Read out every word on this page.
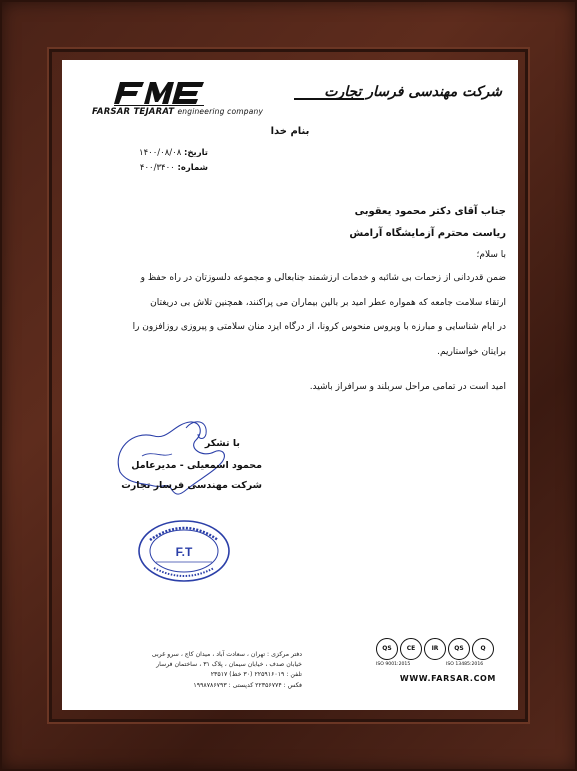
FARSAR TEJARAT engineering company
شرکت مهندسی فرسار تجارت
بنام خدا
تاریخ: ۱۴۰۰/۰۸/۰۸
شماره: ۴۰۰/۳۴۰۰
جناب آقای دکتر محمود یعقوبی
ریاست محترم آزمایشگاه آرامش
با سلام؛

ضمن قدردانی از زحمات بی شائبه و خدمات ارزشمند جنابعالی و مجموعه دلسوزتان در راه حفظ و

ارتقاء سلامت جامعه که همواره عطر امید بر بالین بیماران می پراکنند، همچنین تلاش بی دریغتان

در ایام شناسایی و مبارزه با ویروس منحوس کرونا، از درگاه ایزد منان سلامتی و پیروزی روزافزون را

برایتان خواستاریم.

امید است در تمامی مراحل سربلند و سرافراز باشید.
با تشکر
محمود اسمعیلی - مدیرعامل
شرکت مهندسی فرسار تجارت
F.T

دفتر مرکزی : تهران ، سعادت آباد ، میدان کاج ، سرو غربی

خیابان صدف ، خیابان سیمان ، پلاک ۳۱ ، ساختمان فرسار

تلفن : ۲۲۵۹۱۶۰۱۹ (۳۰ خط) ۲۳۵۱۷

فکس : ۲۲۳۵۶۷۷۴ کدپستی : ۱۹۹۸۷۸۶۷۹۳

QS	CE	IR	QS	Q
ISO 9001:2015	ISO 13485:2016
WWW.FARSAR.COM
